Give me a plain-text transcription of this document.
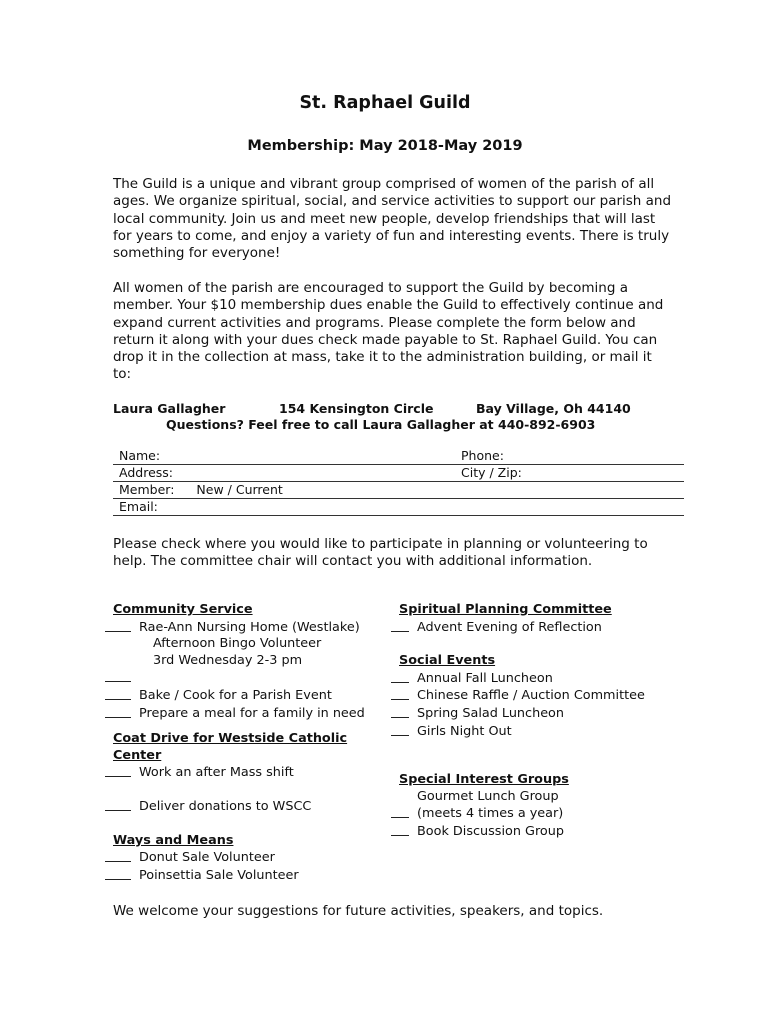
St. Raphael Guild
Membership: May 2018-May 2019
The Guild is a unique and vibrant group comprised of women of the parish of all ages. We organize spiritual, social, and service activities to support our parish and local community. Join us and meet new people, develop friendships that will last for years to come, and enjoy a variety of fun and interesting events. There is truly something for everyone!
All women of the parish are encouraged to support the Guild by becoming a member. Your $10 membership dues enable the Guild to effectively continue and expand current activities and programs. Please complete the form below and return it along with your dues check made payable to St. Raphael Guild. You can drop it in the collection at mass, take it to the administration building, or mail it to:
Laura Gallagher	154 Kensington Circle	Bay Village, Oh 44140
Questions? Feel free to call Laura Gallagher at 440-892-6903
Name:	Phone:
Address:	City / Zip:
Member: New / Current	
Email:	
Please check where you would like to participate in planning or volunteering to help. The committee chair will contact you with additional information.
Community Service
Rae-Ann Nursing Home (Westlake)
Afternoon Bingo Volunteer
3rd Wednesday 2-3 pm
Bake / Cook for a Parish Event
Prepare a meal for a family in need
Coat Drive for Westside Catholic
Center
Work an after Mass shift
Deliver donations to WSCC
Ways and Means
Donut Sale Volunteer
Poinsettia Sale Volunteer
Spiritual Planning Committee
Advent Evening of Reflection
Social Events
Annual Fall Luncheon
Chinese Raffle / Auction Committee
Spring Salad Luncheon
Girls Night Out
Special Interest Groups
Gourmet Lunch Group
(meets 4 times a year)
Book Discussion Group
We welcome your suggestions for future activities, speakers, and topics.
